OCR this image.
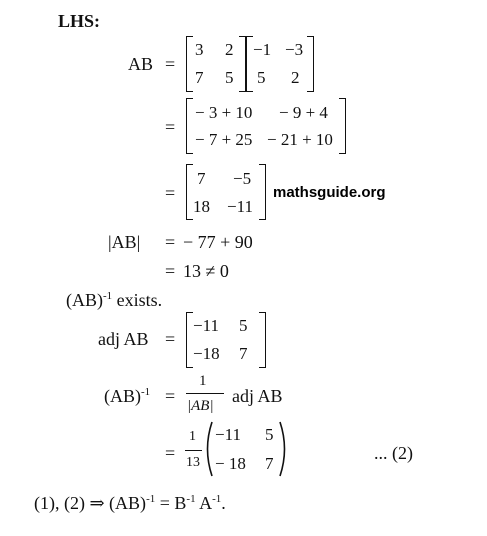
LHS:
AB =
3 2
7 5
−1 −3
5 2
=
− 3 + 10 − 9 + 4
− 7 + 25 − 21 + 10
=
7 −5
18 −11
mathsguide.org
|AB| = − 77 + 90
= 13 ≠ 0
(AB)$^{-1}$ exists.
adj AB =
−11 5
−18 7
(AB)$^{-1}$ =
1
|AB| adj AB
=
1
13
−11 5
− 18 7
... (2)
(1), (2) ⇒ $(AB)^{-1} = B^{-1}$ $A^{-1}$.
